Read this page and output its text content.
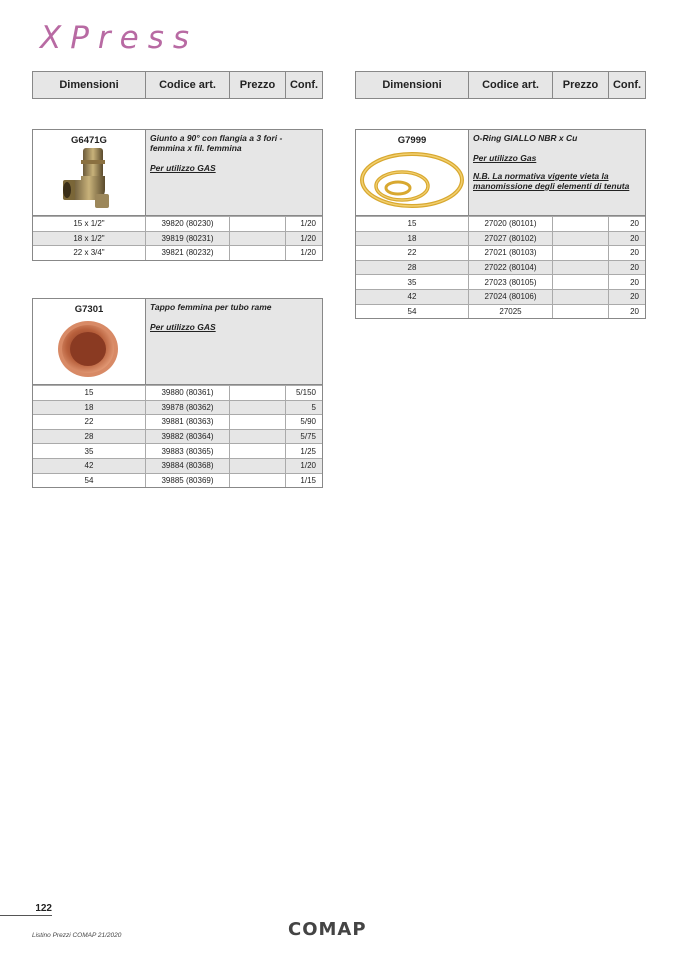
XPress
Dimensioni	Codice art.	Prezzo	Conf.	Dimensioni	Codice art.	Prezzo	Conf.
G6471G	Giunto a 90° con flangia a 3 fori - femmina x fil. femmina
Per utilizzo GAS
15 x 1/2"	39820 (80230)	1/20
18 x 1/2"	39819 (80231)	1/20
22 x 3/4"	39821 (80232)	1/20
G7301	Tappo femmina per tubo rame
Per utilizzo GAS
15	39880 (80361)	5/150
18	39878 (80362)	5
22	39881 (80363)	5/90
28	39882 (80364)	5/75
35	39883 (80365)	1/25
42	39884 (80368)	1/20
54	39885 (80369)	1/15
G7999	O-Ring GIALLO NBR x Cu
Per utilizzo Gas
N.B. La normativa vigente vieta la manomissione degli elementi di tenuta
15	27020 (80101)	20
18	27027 (80102)	20
22	27021 (80103)	20
28	27022 (80104)	20
35	27023 (80105)	20
42	27024 (80106)	20
54	27025	20
122
Listino Prezzi COMAP 21/2020	COMAP
